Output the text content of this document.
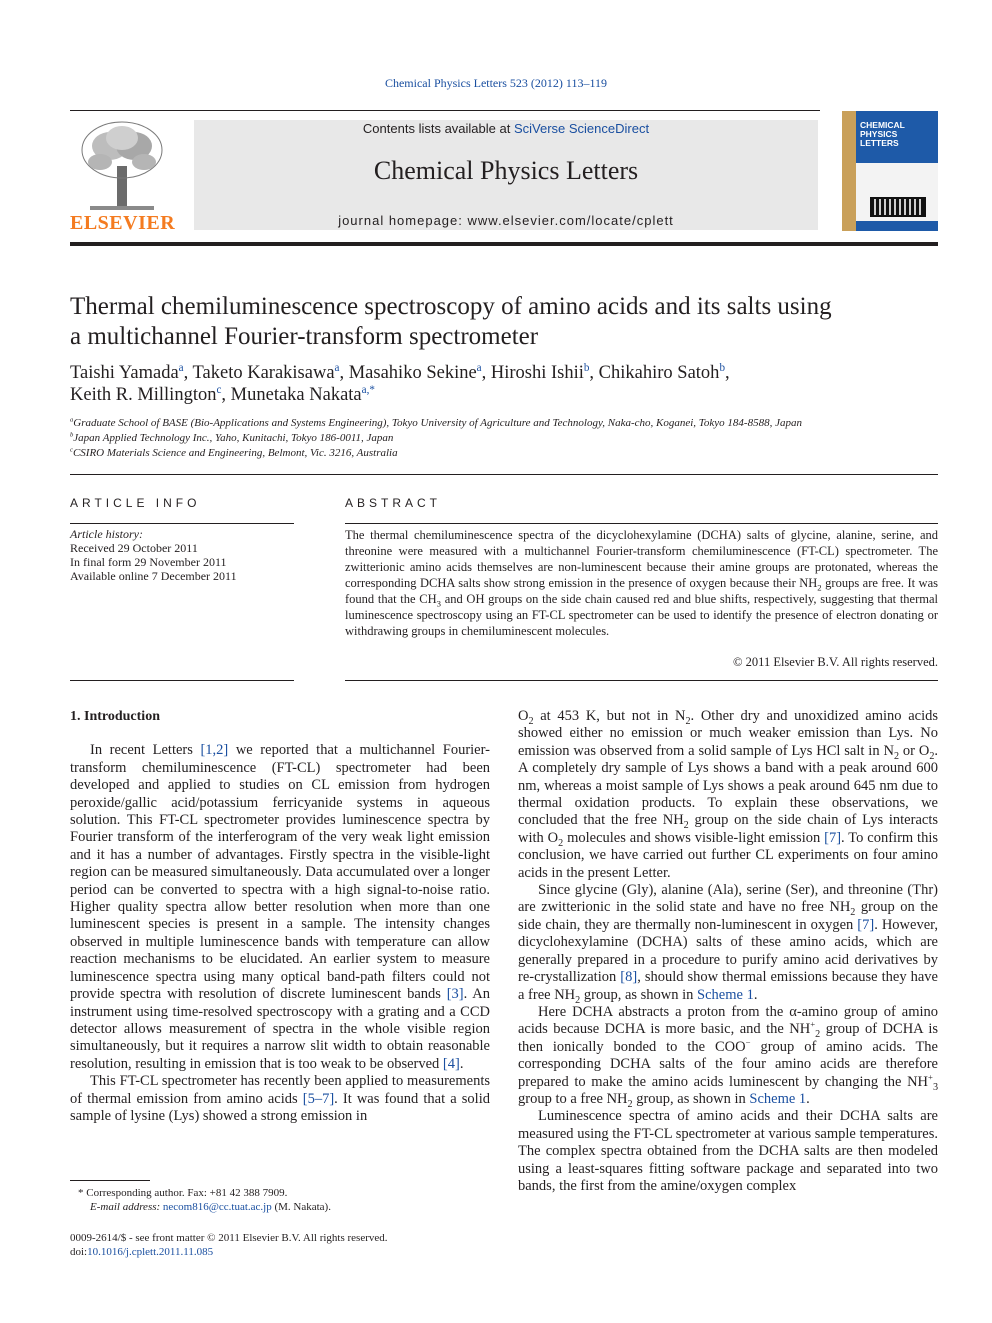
Chemical Physics Letters 523 (2012) 113–119
ELSEVIER
Contents lists available at SciVerse ScienceDirect
Chemical Physics Letters
journal homepage: www.elsevier.com/locate/cplett
CHEMICAL PHYSICS LETTERS
Thermal chemiluminescence spectroscopy of amino acids and its salts using
a multichannel Fourier-transform spectrometer
Taishi Yamada$^a$, Taketo Karakisawa$^a$, Masahiko Sekine$^a$, Hiroshi Ishii$^b$, Chikahiro Satoh$^b$,
Keith R. Millington$^c$, Munetaka Nakata$^{a,*}$
$^a$Graduate School of BASE (Bio-Applications and Systems Engineering), Tokyo University of Agriculture and Technology, Naka-cho, Koganei, Tokyo 184-8588, Japan
$^b$Japan Applied Technology Inc., Yaho, Kunitachi, Tokyo 186-0011, Japan
$^c$CSIRO Materials Science and Engineering, Belmont, Vic. 3216, Australia
ARTICLE INFO
Article history:
Received 29 October 2011
In final form 29 November 2011
Available online 7 December 2011
ABSTRACT
The thermal chemiluminescence spectra of the dicyclohexylamine (DCHA) salts of glycine, alanine, serine, and threonine were measured with a multichannel Fourier-transform chemiluminescence (FT-CL) spectrometer. The zwitterionic amino acids themselves are non-luminescent because their amine groups are protonated, whereas the corresponding DCHA salts show strong emission in the presence of oxygen because their $NH_2$ groups are free. It was found that the $CH_3$ and OH groups on the side chain caused red and blue shifts, respectively, suggesting that thermal luminescence spectroscopy using an FT-CL spectrometer can be used to identify the presence of electron donating or withdrawing groups in chemiluminescent molecules.
© 2011 Elsevier B.V. All rights reserved.
1. Introduction

In recent Letters [1,2] we reported that a multichannel Fourier-transform chemiluminescence (FT-CL) spectrometer had been developed and applied to studies on CL emission from hydrogen peroxide/gallic acid/potassium ferricyanide systems in aqueous solution. This FT-CL spectrometer provides luminescence spectra by Fourier transform of the interferogram of the very weak light emission and it has a number of advantages. Firstly spectra in the visible-light region can be measured simultaneously. Data accumulated over a longer period can be converted to spectra with a high signal-to-noise ratio. Higher quality spectra allow better resolution when more than one luminescent species is present in a sample. The intensity changes observed in multiple luminescence bands with temperature can allow reaction mechanisms to be elucidated. An earlier system to measure luminescence spectra using many optical band-path filters could not provide spectra with resolution of discrete luminescent bands [3]. An instrument using time-resolved spectroscopy with a grating and a CCD detector allows measurement of spectra in the whole visible region simultaneously, but it requires a narrow slit width to obtain reasonable resolution, resulting in emission that is too weak to be observed [4].

This FT-CL spectrometer has recently been applied to measurements of thermal emission from amino acids [5–7]. It was found that a solid sample of lysine (Lys) showed a strong emission in

$O_2$ at 453 K, but not in $N_2$. Other dry and unoxidized amino acids showed either no emission or much weaker emission than Lys. No emission was observed from a solid sample of Lys HCl salt in $N_2$ or $O_2$. A completely dry sample of Lys shows a band with a peak around 600 nm, whereas a moist sample of Lys shows a peak around 645 nm due to thermal oxidation products. To explain these observations, we concluded that the free $NH_2$ group on the side chain of Lys interacts with $O_2$ molecules and shows visible-light emission [7]. To confirm this conclusion, we have carried out further CL experiments on four amino acids in the present Letter.

Since glycine (Gly), alanine (Ala), serine (Ser), and threonine (Thr) are zwitterionic in the solid state and have no free $NH_2$ group on the side chain, they are thermally non-luminescent in oxygen [7]. However, dicyclohexylamine (DCHA) salts of these amino acids, which are generally prepared in a procedure to purify amino acid derivatives by re-crystallization [8], should show thermal emissions because they have a free $NH_2$ group, as shown in Scheme 1.

Here DCHA abstracts a proton from the α-amino group of amino acids because DCHA is more basic, and the $NH^+_2$ group of DCHA is then ionically bonded to the COO− group of amino acids. The corresponding DCHA salts of the four amino acids are therefore prepared to make the amino acids luminescent by changing the $NH^+_3$ group to a free $NH_2$ group, as shown in Scheme 1.

Luminescence spectra of amino acids and their DCHA salts are measured using the FT-CL spectrometer at various sample temperatures. The complex spectra obtained from the DCHA salts are then modeled using a least-squares fitting software package and separated into two bands, the first from the amine/oxygen complex

* Corresponding author. Fax: +81 42 388 7909.
E-mail address: necom816@cc.tuat.ac.jp (M. Nakata).
0009-2614/$ - see front matter © 2011 Elsevier B.V. All rights reserved.
doi:10.1016/j.cplett.2011.11.085
